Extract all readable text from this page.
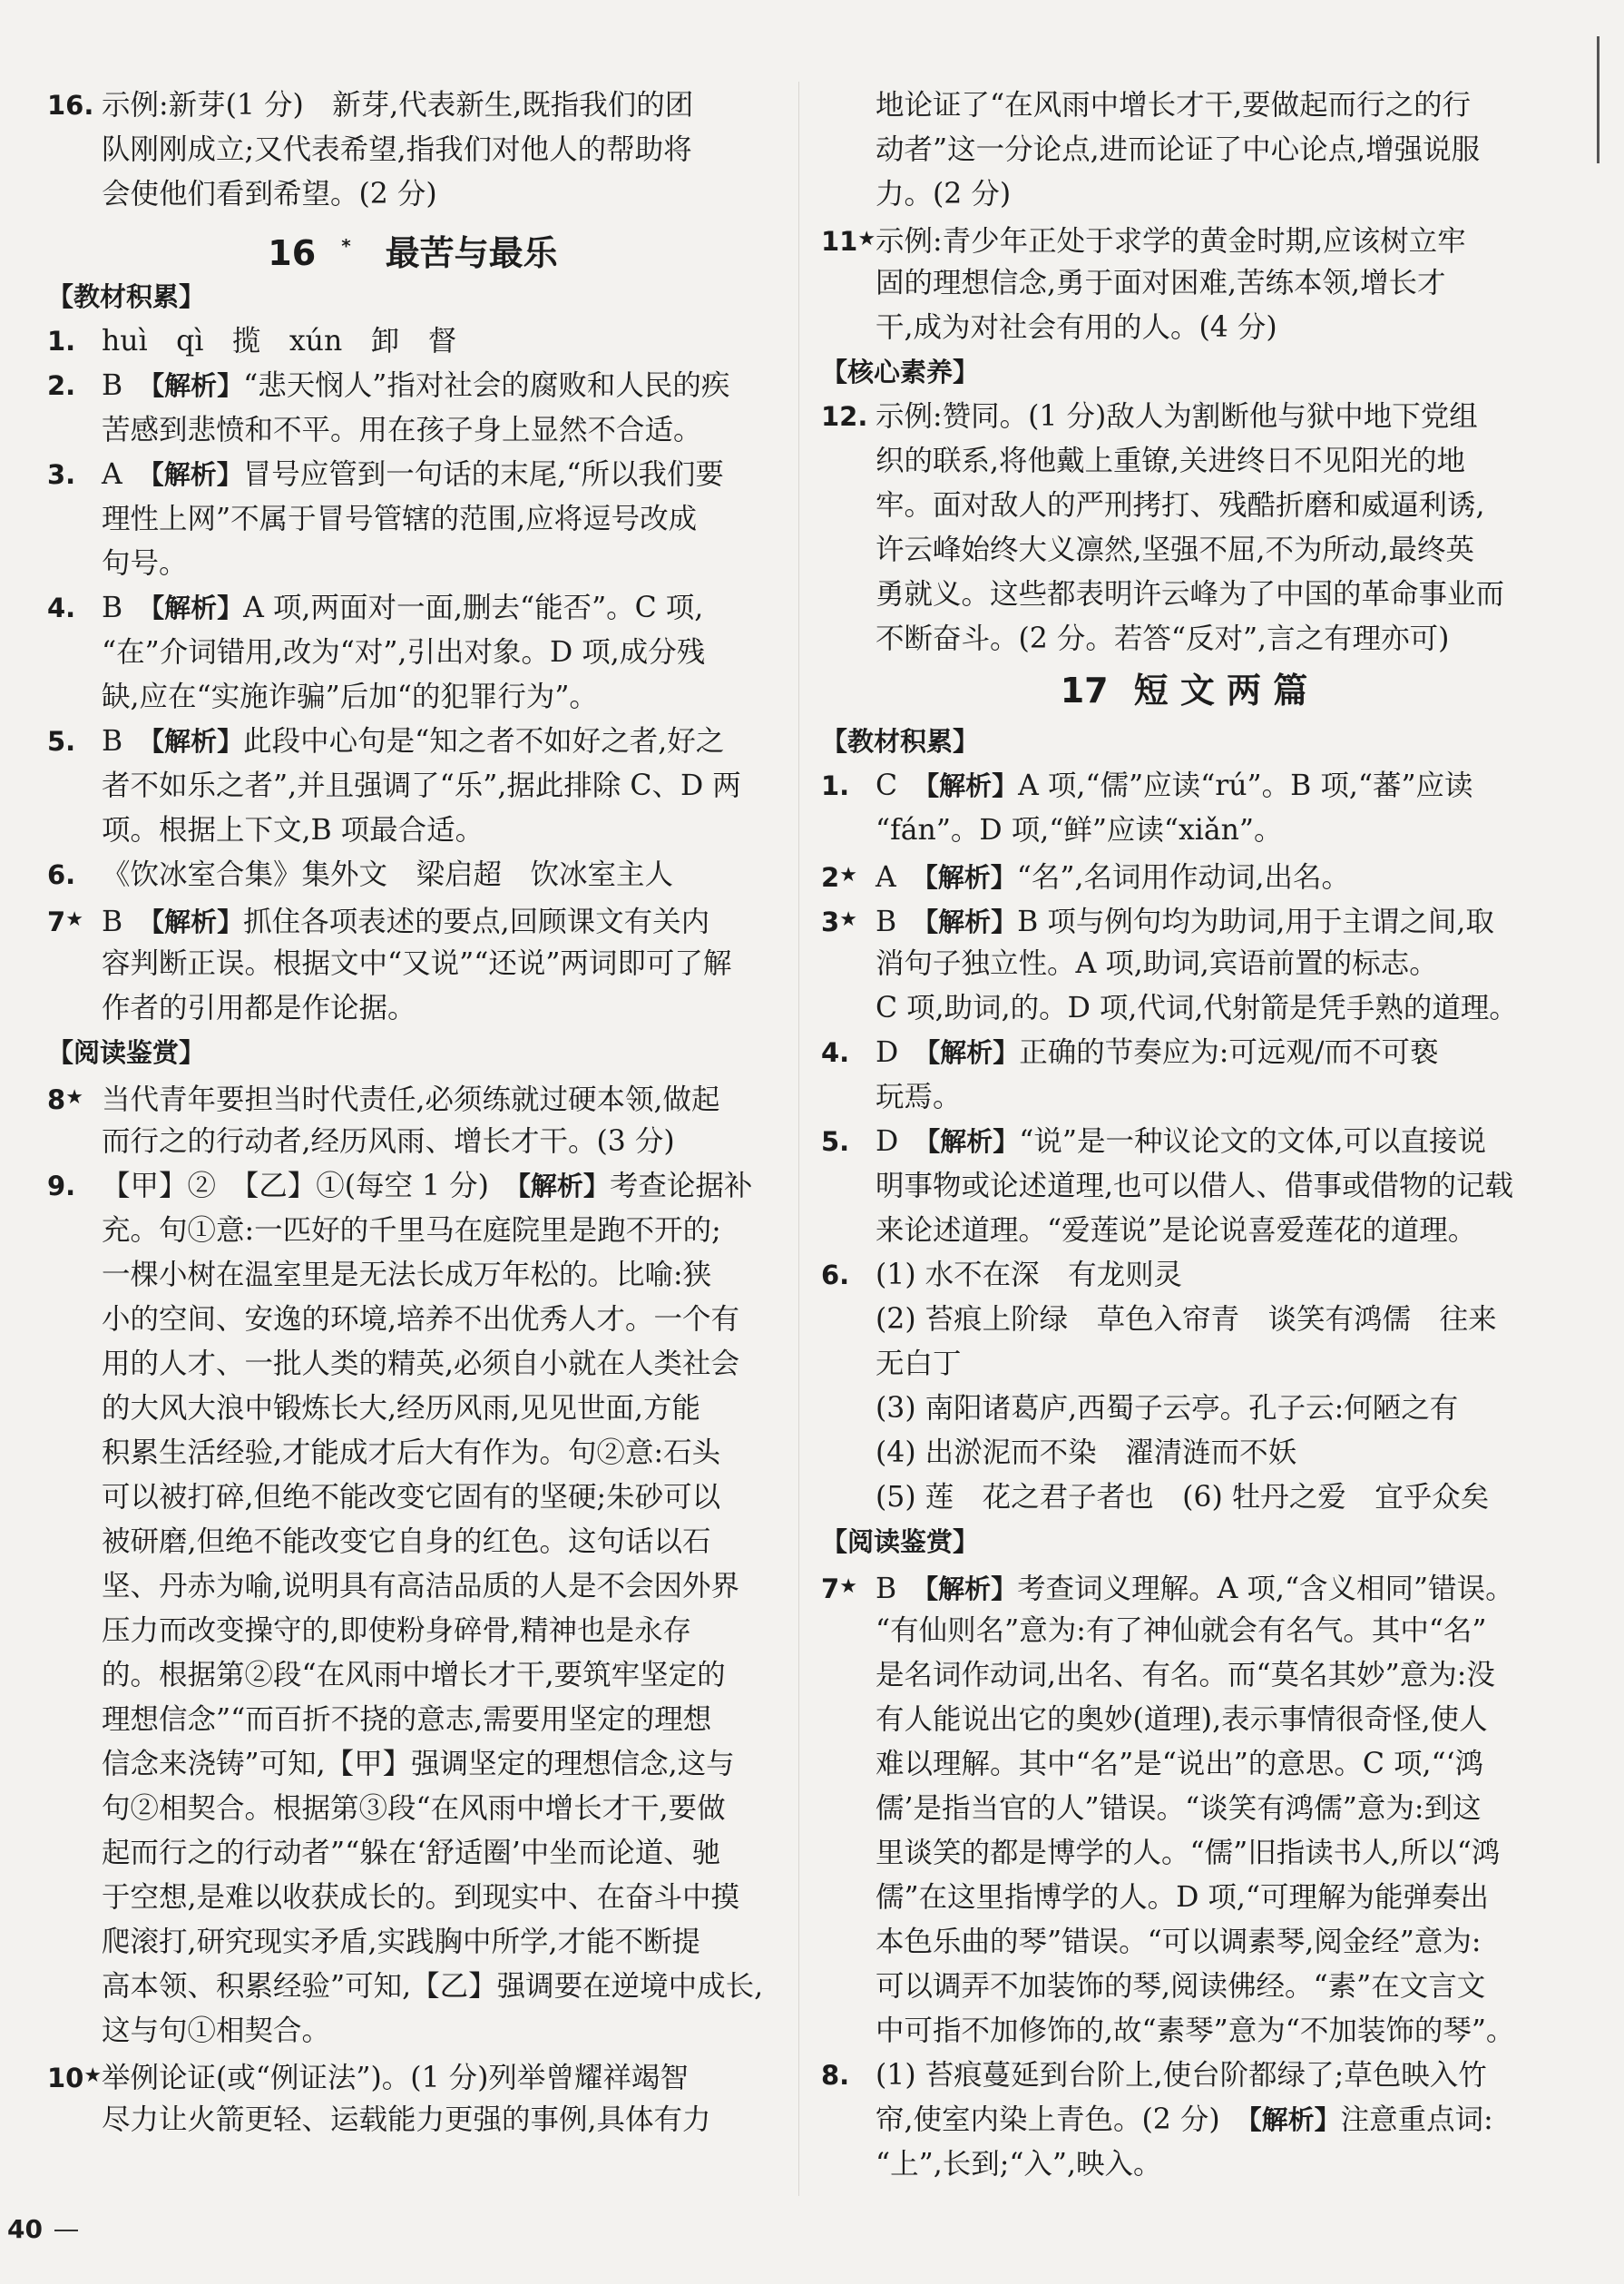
16. 示例:新芽(1 分)　新芽,代表新生,既指我们的团
队刚刚成立;又代表希望,指我们对他人的帮助将
会使他们看到希望。(2 分)
16 *　 最苦与最乐
【教材积累】
1. huì　qì　揽　xún　卸　督
2. B　【解析】“悲天悯人”指对社会的腐败和人民的疾
苦感到悲愤和不平。用在孩子身上显然不合适。
3. A　【解析】冒号应管到一句话的末尾,“所以我们要
理性上网”不属于冒号管辖的范围,应将逗号改成
句号。
4. B　【解析】A 项,两面对一面,删去“能否”。C 项,
“在”介词错用,改为“对”,引出对象。D 项,成分残
缺,应在“实施诈骗”后加“的犯罪行为”。
5. B　【解析】此段中心句是“知之者不如好之者,好之
者不如乐之者”,并且强调了“乐”,据此排除 C、D 两
项。根据上下文,B 项最合适。
6. 《饮冰室合集》集外文　梁启超　饮冰室主人
7★ B　【解析】抓住各项表述的要点,回顾课文有关内
容判断正误。根据文中“又说”“还说”两词即可了解
作者的引用都是作论据。
【阅读鉴赏】
8★ 当代青年要担当时代责任,必须练就过硬本领,做起
而行之的行动者,经历风雨、增长才干。(3 分)
9. 【甲】②　【乙】①(每空 1 分)　【解析】考查论据补
充。句①意:一匹好的千里马在庭院里是跑不开的;
一棵小树在温室里是无法长成万年松的。比喻:狭
小的空间、安逸的环境,培养不出优秀人才。一个有
用的人才、一批人类的精英,必须自小就在人类社会
的大风大浪中锻炼长大,经历风雨,见见世面,方能
积累生活经验,才能成才后大有作为。句②意:石头
可以被打碎,但绝不能改变它固有的坚硬;朱砂可以
被研磨,但绝不能改变它自身的红色。这句话以石
坚、丹赤为喻,说明具有高洁品质的人是不会因外界
压力而改变操守的,即使粉身碎骨,精神也是永存
的。根据第②段“在风雨中增长才干,要筑牢坚定的
理想信念”“而百折不挠的意志,需要用坚定的理想
信念来浇铸”可知,【甲】强调坚定的理想信念,这与
句②相契合。根据第③段“在风雨中增长才干,要做
起而行之的行动者”“躲在‘舒适圈’中坐而论道、驰
于空想,是难以收获成长的。到现实中、在奋斗中摸
爬滚打,研究现实矛盾,实践胸中所学,才能不断提
高本领、积累经验”可知,【乙】强调要在逆境中成长,
这与句①相契合。
10★举例论证(或“例证法”)。(1 分)列举曾耀祥竭智
尽力让火箭更轻、运载能力更强的事例,具体有力
地论证了“在风雨中增长才干,要做起而行之的行
动者”这一分论点,进而论证了中心论点,增强说服
力。(2 分)
11★示例:青少年正处于求学的黄金时期,应该树立牢
固的理想信念,勇于面对困难,苦练本领,增长才
干,成为对社会有用的人。(4 分)
【核心素养】
12. 示例:赞同。(1 分)敌人为割断他与狱中地下党组
织的联系,将他戴上重镣,关进终日不见阳光的地
牢。面对敌人的严刑拷打、残酷折磨和威逼利诱,
许云峰始终大义凛然,坚强不屈,不为所动,最终英
勇就义。这些都表明许云峰为了中国的革命事业而
不断奋斗。(2 分。若答“反对”,言之有理亦可)
17 短 文 两 篇
【教材积累】
1. C　【解析】A 项,“儒”应读“rú”。B 项,“蕃”应读
“fán”。D 项,“鲜”应读“xiǎn”。
2★ A　【解析】“名”,名词用作动词,出名。
3★ B　【解析】B 项与例句均为助词,用于主谓之间,取
消句子独立性。A 项,助词,宾语前置的标志。
C 项,助词,的。D 项,代词,代射箭是凭手熟的道理。
4. D　【解析】正确的节奏应为:可远观/而不可亵
玩焉。
5. D　【解析】“说”是一种议论文的文体,可以直接说
明事物或论述道理,也可以借人、借事或借物的记载
来论述道理。“爱莲说”是论说喜爱莲花的道理。
6. (1) 水不在深　有龙则灵
(2) 苔痕上阶绿　草色入帘青　谈笑有鸿儒　往来
无白丁
(3) 南阳诸葛庐,西蜀子云亭。孔子云:何陋之有
(4) 出淤泥而不染　濯清涟而不妖
(5) 莲　花之君子者也　(6) 牡丹之爱　宜乎众矣
【阅读鉴赏】
7★ B　【解析】考查词义理解。A 项,“含义相同”错误。
“有仙则名”意为:有了神仙就会有名气。其中“名”
是名词作动词,出名、有名。而“莫名其妙”意为:没
有人能说出它的奥妙(道理),表示事情很奇怪,使人
难以理解。其中“名”是“说出”的意思。C 项,“‘鸿
儒’是指当官的人”错误。“谈笑有鸿儒”意为:到这
里谈笑的都是博学的人。“儒”旧指读书人,所以“鸿
儒”在这里指博学的人。D 项,“可理解为能弹奏出
本色乐曲的琴”错误。“可以调素琴,阅金经”意为:
可以调弄不加装饰的琴,阅读佛经。“素”在文言文
中可指不加修饰的,故“素琴”意为“不加装饰的琴”。
8. (1) 苔痕蔓延到台阶上,使台阶都绿了;草色映入竹
帘,使室内染上青色。(2 分)　【解析】注意重点词:
“上”,长到;“入”,映入。
40
